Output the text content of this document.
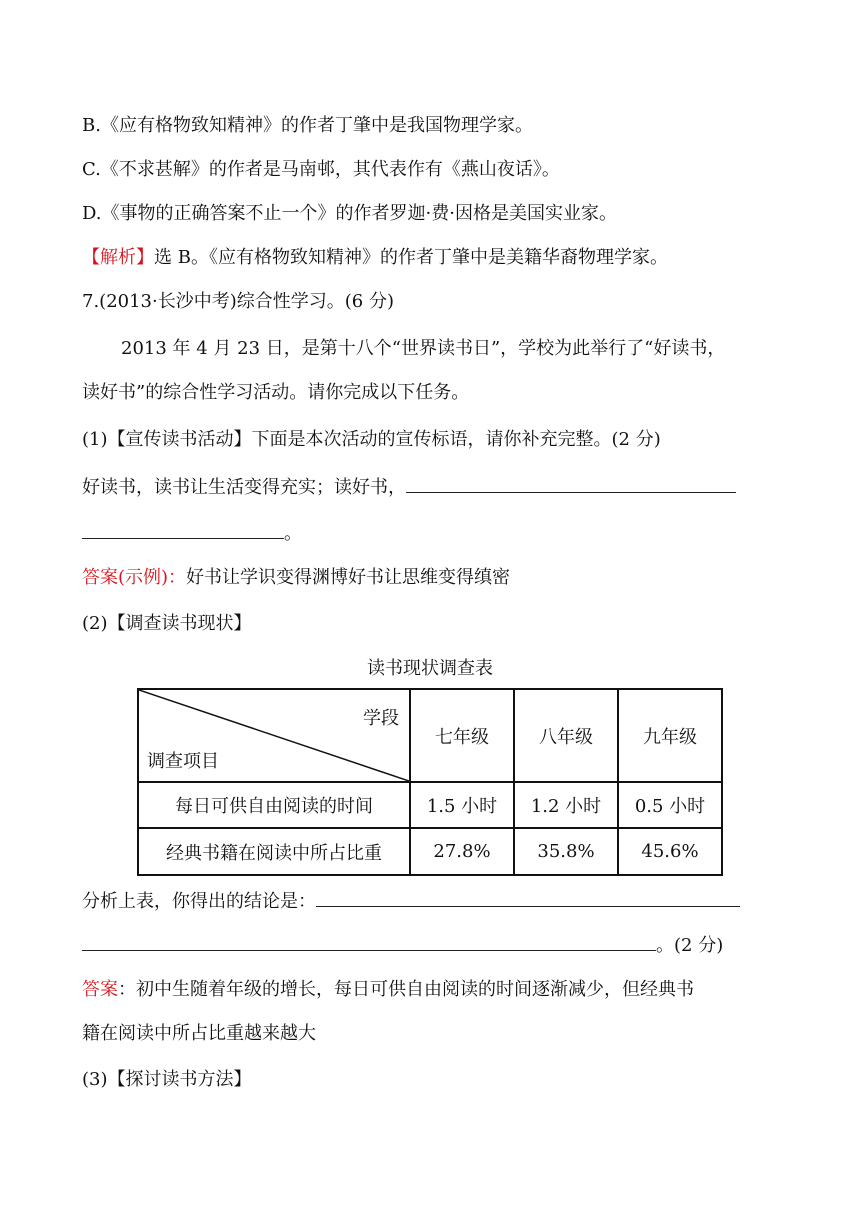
B.《应有格物致知精神》的作者丁肇中是我国物理学家。
C.《不求甚解》的作者是马南邨，其代表作有《燕山夜话》。
D.《事物的正确答案不止一个》的作者罗迦·费·因格是美国实业家。
【解析】选 B。《应有格物致知精神》的作者丁肇中是美籍华裔物理学家。
7.(2013·长沙中考)综合性学习。(6 分)
2013 年 4 月 23 日，是第十八个“世界读书日”，学校为此举行了“好读书，
读好书”的综合性学习活动。请你完成以下任务。
(1)【宣传读书活动】下面是本次活动的宣传标语，请你补充完整。(2 分)
好读书，读书让生活变得充实；读好书，
。
答案(示例)：好书让学识变得渊博好书让思维变得缜密
(2)【调查读书现状】
读书现状调查表
学段
调查项目	七年级	八年级	九年级
每日可供自由阅读的时间	1.5 小时	1.2 小时	0.5 小时
经典书籍在阅读中所占比重	27.8%	35.8%	45.6%
分析上表，你得出的结论是：
。(2 分)
答案：初中生随着年级的增长，每日可供自由阅读的时间逐渐减少，但经典书
籍在阅读中所占比重越来越大
(3)【探讨读书方法】
